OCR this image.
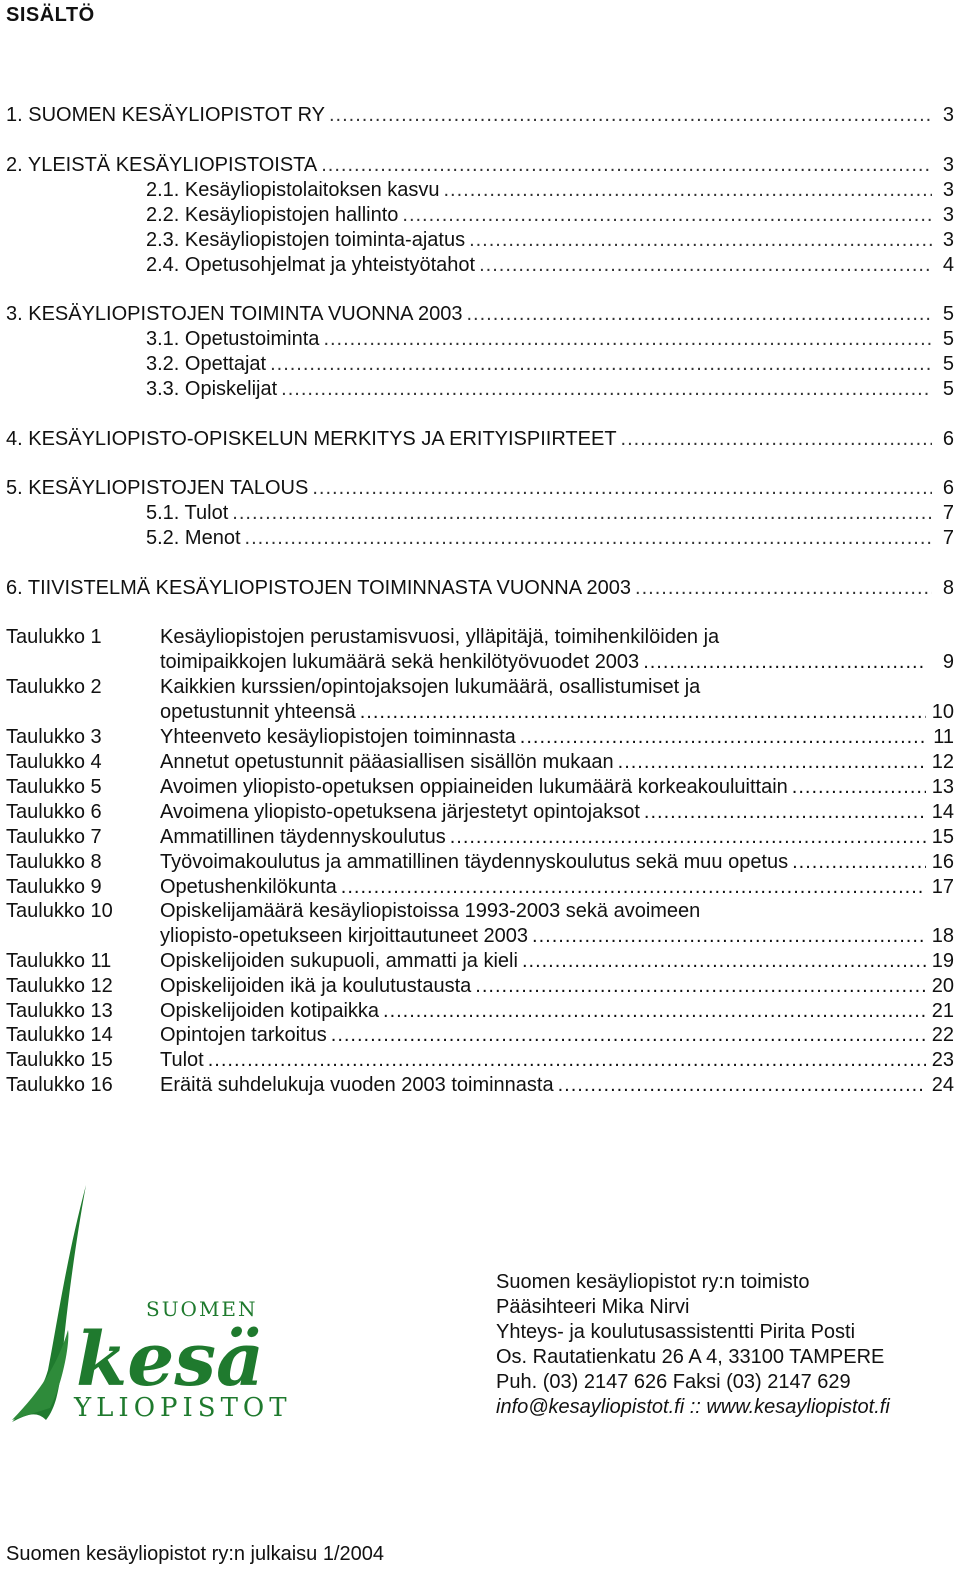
SISÄLTÖ
1. SUOMEN KESÄYLIOPISTOT RY .....	3
2. YLEISTÄ KESÄYLIOPISTOISTA .....	3
2.1. Kesäyliopistolaitoksen kasvu .....	3
2.2. Kesäyliopistojen hallinto .....	3
2.3. Kesäyliopistojen toiminta-ajatus .....	3
2.4. Opetusohjelmat ja yhteistyötahot .....	4
3. KESÄYLIOPISTOJEN TOIMINTA VUONNA 2003 .....	5
3.1. Opetustoiminta .....	5
3.2. Opettajat .....	5
3.3. Opiskelijat .....	5
4. KESÄYLIOPISTO-OPISKELUN MERKITYS JA ERITYISPIIRTEET .....	6
5. KESÄYLIOPISTOJEN TALOUS .....	6
5.1. Tulot .....	7
5.2. Menot .....	7
6. TIIVISTELMÄ KESÄYLIOPISTOJEN TOIMINNASTA VUONNA 2003 .....	8
Taulukko 1	Kesäyliopistojen perustamisvuosi, ylläpitäjä, toimihenkilöiden ja
toimipaikkojen lukumäärä sekä henkilötyövuodet 2003 .....	9
Taulukko 2	Kaikkien kurssien/opintojaksojen lukumäärä, osallistumiset ja
opetustunnit yhteensä .....	10
Taulukko 3	Yhteenveto kesäyliopistojen toiminnasta .....	11
Taulukko 4	Annetut opetustunnit pääasiallisen sisällön mukaan .....	12
Taulukko 5	Avoimen yliopisto-opetuksen oppiaineiden lukumäärä korkeakouluittain .....	13
Taulukko 6	Avoimena yliopisto-opetuksena järjestetyt opintojaksot .....	14
Taulukko 7	Ammatillinen täydennyskoulutus .....	15
Taulukko 8	Työvoimakoulutus ja ammatillinen täydennyskoulutus sekä muu opetus .....	16
Taulukko 9	Opetushenkilökunta .....	17
Taulukko 10 Opiskelijamäärä kesäyliopistoissa 1993-2003 sekä avoimeen
yliopisto-opetukseen kirjoittautuneet 2003 .....	18
Taulukko 11 Opiskelijoiden sukupuoli, ammatti ja kieli .....	19
Taulukko 12 Opiskelijoiden ikä ja koulutustausta .....	20
Taulukko 13 Opiskelijoiden kotipaikka .....	21
Taulukko 14 Opintojen tarkoitus .....	22
Taulukko 15 Tulot .....	23
Taulukko 16 Eräitä suhdelukuja vuoden 2003 toiminnasta .....	24
SUOMEN
kesä
YLIOPISTOT
Suomen kesäyliopistot ry:n toimisto
Pääsihteeri Mika Nirvi
Yhteys- ja koulutusassistentti Pirita Posti
Os. Rautatienkatu 26 A 4, 33100 TAMPERE
Puh. (03) 2147 626 Faksi (03) 2147 629
info@kesayliopistot.fi :: www.kesayliopistot.fi
Suomen kesäyliopistot ry:n julkaisu 1/2004
